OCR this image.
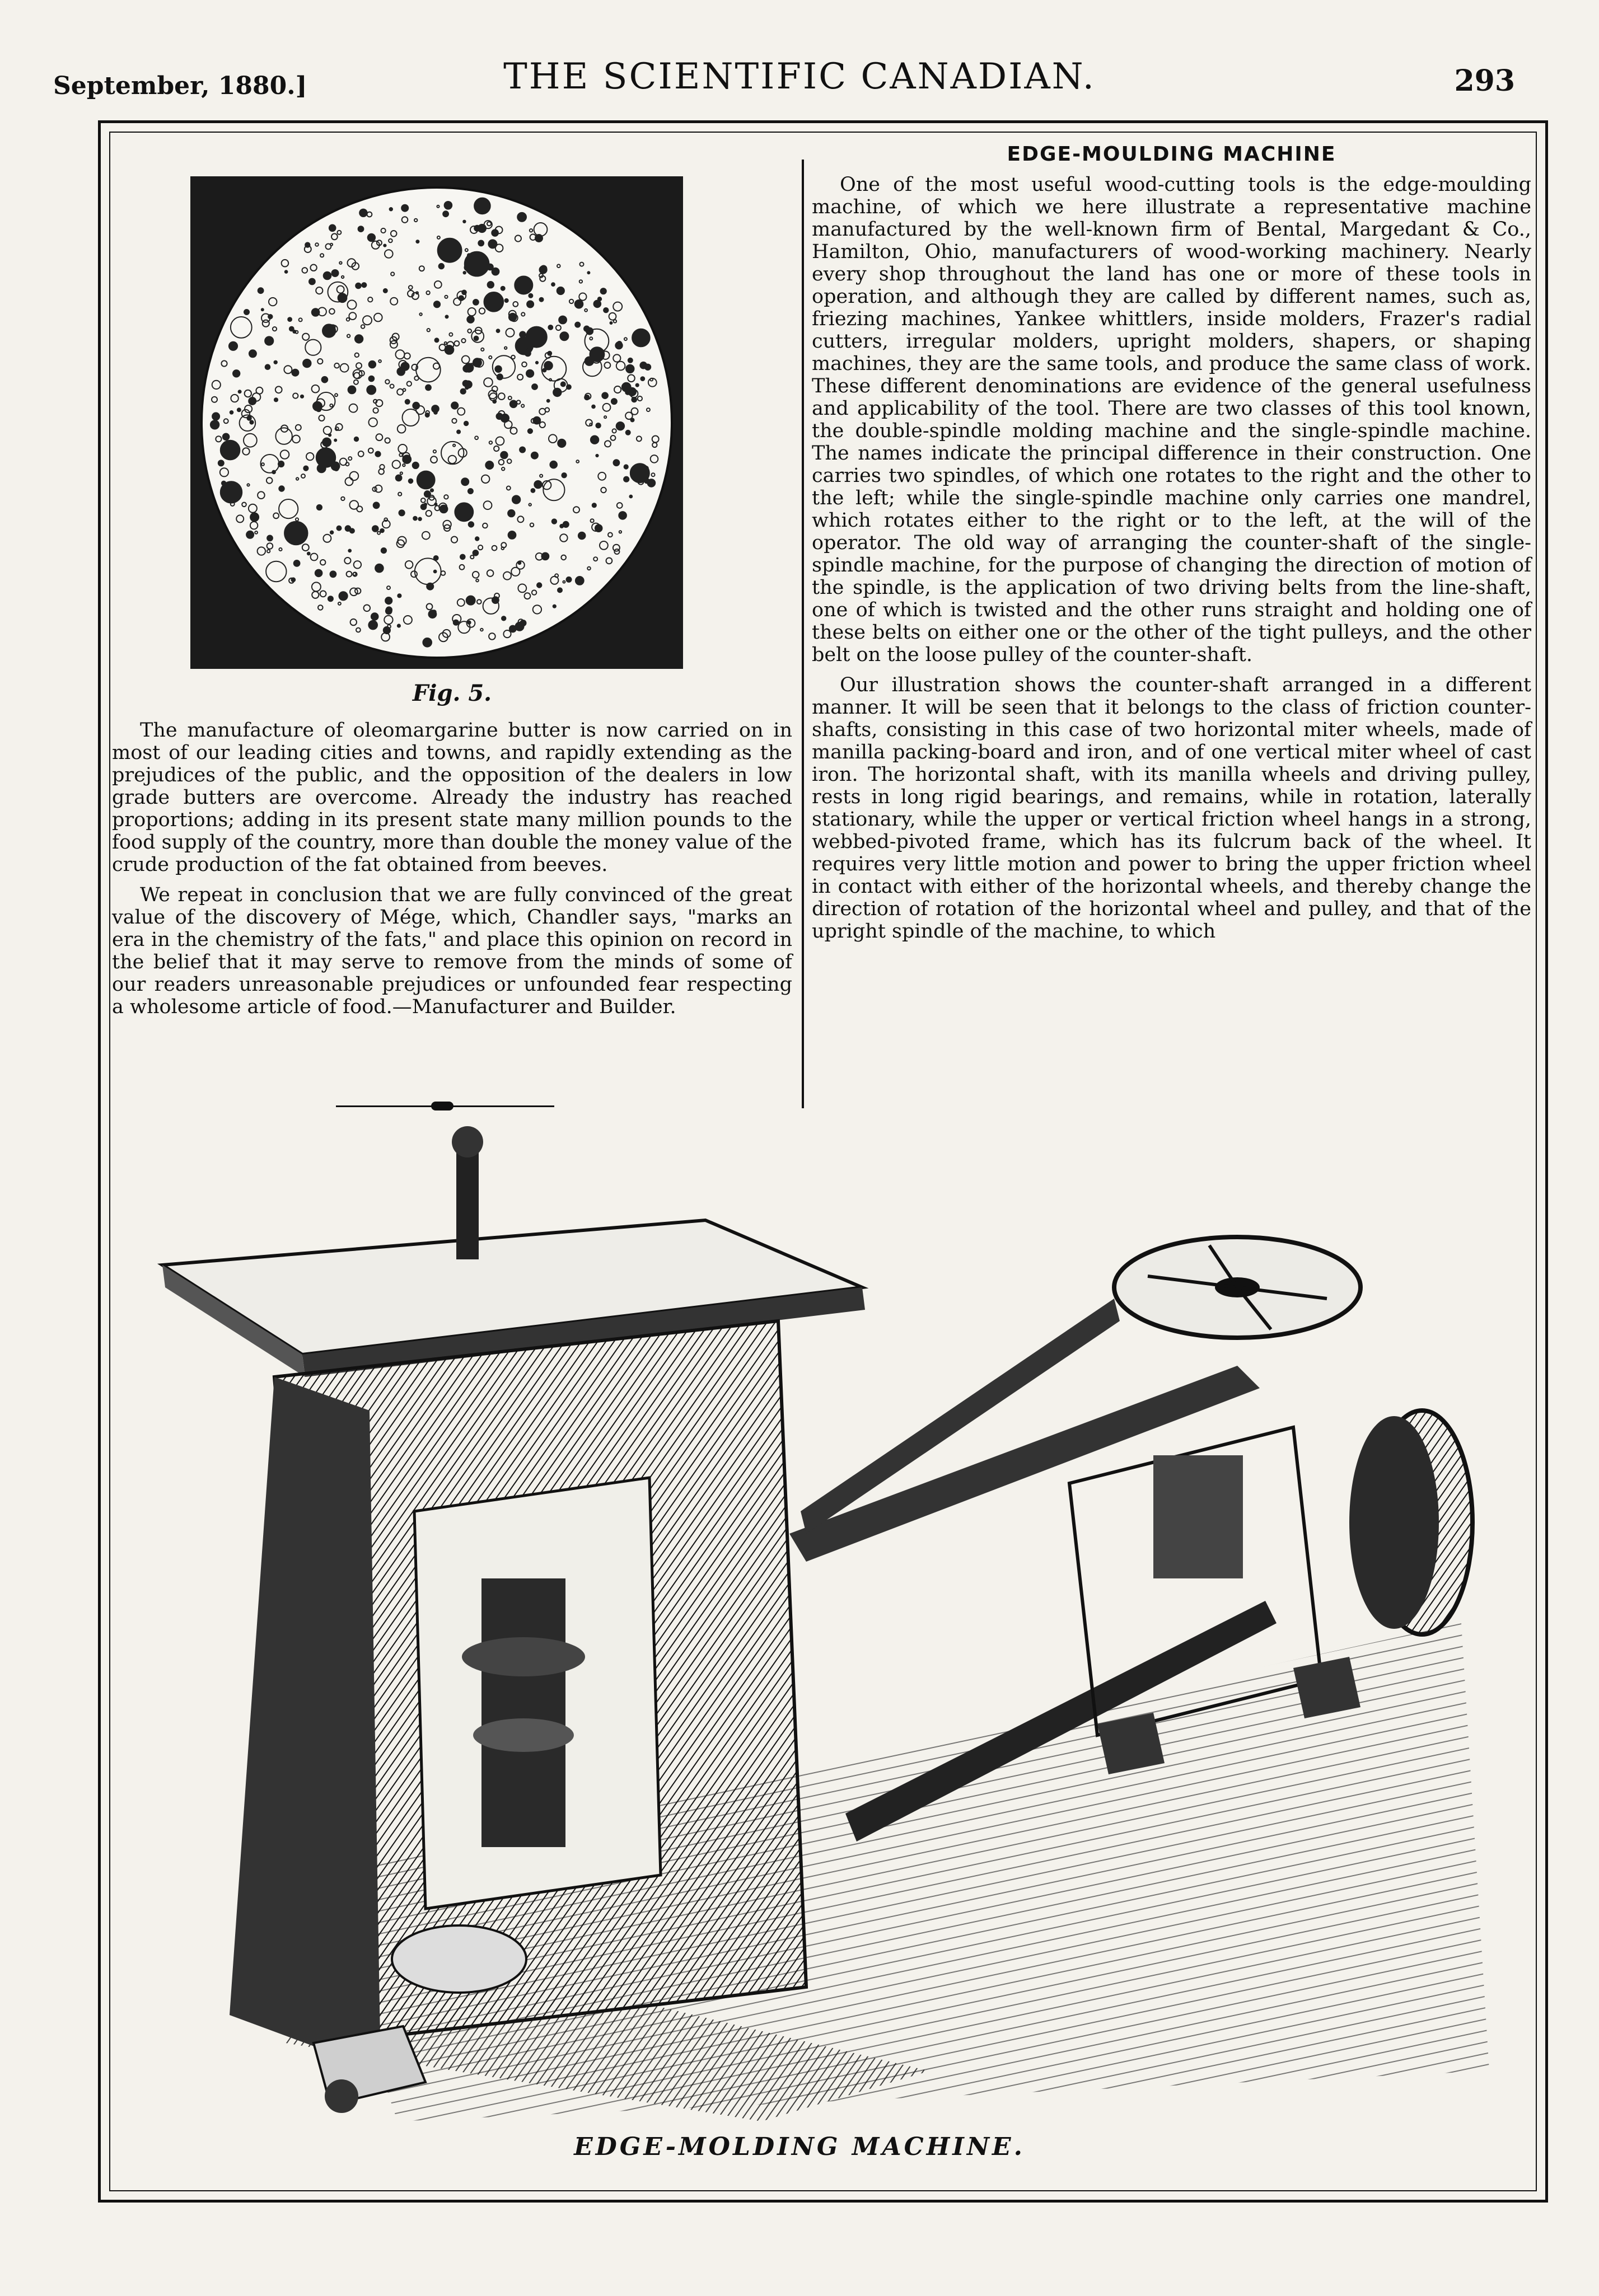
September, 1880.]	THE SCIENTIFIC CANADIAN.	293
Fig. 5.

The manufacture of oleomargarine butter is now carried on in most of our leading cities and towns, and rapidly extending as the prejudices of the public, and the opposition of the dealers in low grade butters are overcome. Already the industry has reached proportions; adding in its present state many million pounds to the food supply of the country, more than double the money value of the crude production of the fat obtained from beeves.

We repeat in conclusion that we are fully convinced of the great value of the discovery of Mége, which, Chandler says, "marks an era in the chemistry of the fats," and place this opinion on record in the belief that it may serve to remove from the minds of some of our readers unreasonable prejudices or unfounded fear respecting a wholesome article of food.—Manufacturer and Builder.

EDGE-MOULDING MACHINE

One of the most useful wood-cutting tools is the edge-moulding machine, of which we here illustrate a representative machine manufactured by the well-known firm of Bental, Margedant & Co., Hamilton, Ohio, manufacturers of wood-working machinery. Nearly every shop throughout the land has one or more of these tools in operation, and although they are called by different names, such as, friezing machines, Yankee whittlers, inside molders, Frazer's radial cutters, irregular molders, upright molders, shapers, or shaping machines, they are the same tools, and produce the same class of work. These different denominations are evidence of the general usefulness and applicability of the tool. There are two classes of this tool known, the double-spindle molding machine and the single-spindle machine. The names indicate the principal difference in their construction. One carries two spindles, of which one rotates to the right and the other to the left; while the single-spindle machine only carries one mandrel, which rotates either to the right or to the left, at the will of the operator. The old way of arranging the counter-shaft of the single-spindle machine, for the purpose of changing the direction of motion of the spindle, is the application of two driving belts from the line-shaft, one of which is twisted and the other runs straight and holding one of these belts on either one or the other of the tight pulleys, and the other belt on the loose pulley of the counter-shaft.

Our illustration shows the counter-shaft arranged in a different manner. It will be seen that it belongs to the class of friction counter-shafts, consisting in this case of two horizontal miter wheels, made of manilla packing-board and iron, and of one vertical miter wheel of cast iron. The horizontal shaft, with its manilla wheels and driving pulley, rests in long rigid bearings, and remains, while in rotation, laterally stationary, while the upper or vertical friction wheel hangs in a strong, webbed-pivoted frame, which has its fulcrum back of the wheel. It requires very little motion and power to bring the upper friction wheel in contact with either of the horizontal wheels, and thereby change the direction of rotation of the horizontal wheel and pulley, and that of the upright spindle of the machine, to which

EDGE-MOLDING MACHINE.
